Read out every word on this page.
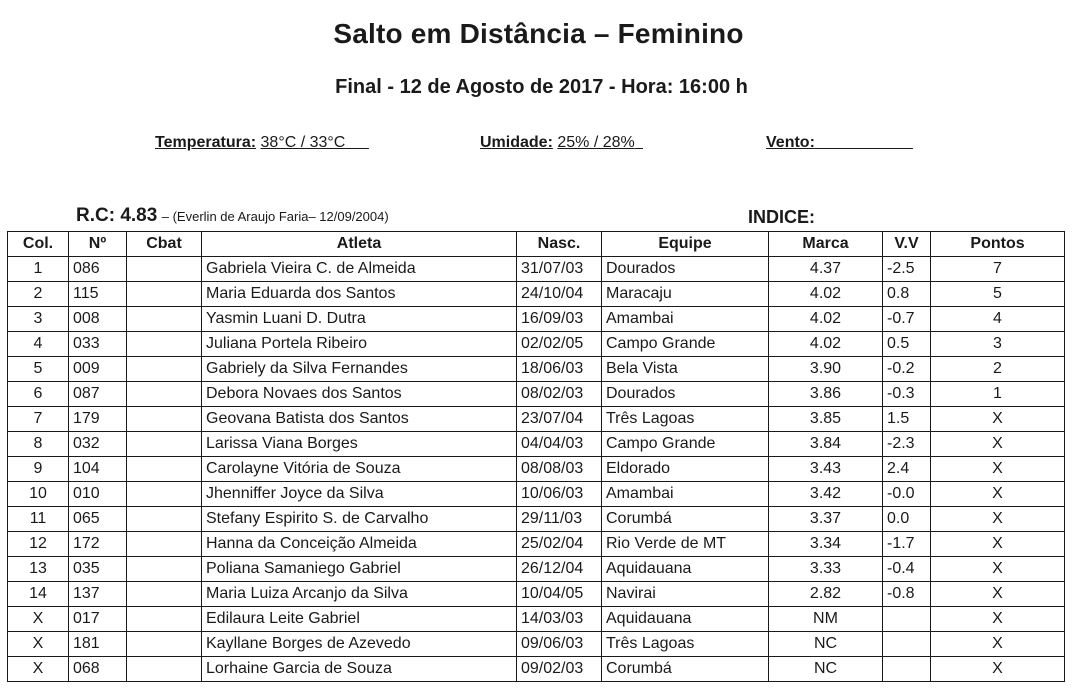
Salto em Distância – Feminino
Final - 12 de Agosto de 2017 - Hora: 16:00 h
Temperatura: 38°C / 33°C	Umidade: 25% / 28%	Vento:
R.C: 4.83 – (Everlin de Araujo Faria– 12/09/2004)	INDICE:
Col.	Nº	Cbat	Atleta	Nasc.	Equipe	Marca	V.V	Pontos
1	086		Gabriela Vieira C. de Almeida	31/07/03	Dourados	4.37	-2.5	7
2	115		Maria Eduarda dos Santos	24/10/04	Maracaju	4.02	0.8	5
3	008		Yasmin Luani D. Dutra	16/09/03	Amambai	4.02	-0.7	4
4	033		Juliana Portela Ribeiro	02/02/05	Campo Grande	4.02	0.5	3
5	009		Gabriely da Silva Fernandes	18/06/03	Bela Vista	3.90	-0.2	2
6	087		Debora Novaes dos Santos	08/02/03	Dourados	3.86	-0.3	1
7	179		Geovana Batista dos Santos	23/07/04	Três Lagoas	3.85	1.5	X
8	032		Larissa Viana Borges	04/04/03	Campo Grande	3.84	-2.3	X
9	104		Carolayne Vitória de Souza	08/08/03	Eldorado	3.43	2.4	X
10	010		Jhenniffer Joyce da Silva	10/06/03	Amambai	3.42	-0.0	X
11	065		Stefany Espirito S. de Carvalho	29/11/03	Corumbá	3.37	0.0	X
12	172		Hanna da Conceição Almeida	25/02/04	Rio Verde de MT	3.34	-1.7	X
13	035		Poliana Samaniego Gabriel	26/12/04	Aquidauana	3.33	-0.4	X
14	137		Maria Luiza Arcanjo da Silva	10/04/05	Navirai	2.82	-0.8	X
X	017		Edilaura Leite Gabriel	14/03/03	Aquidauana	NM		X
X	181		Kayllane Borges de Azevedo	09/06/03	Três Lagoas	NC		X
X	068		Lorhaine Garcia de Souza	09/02/03	Corumbá	NC		X
